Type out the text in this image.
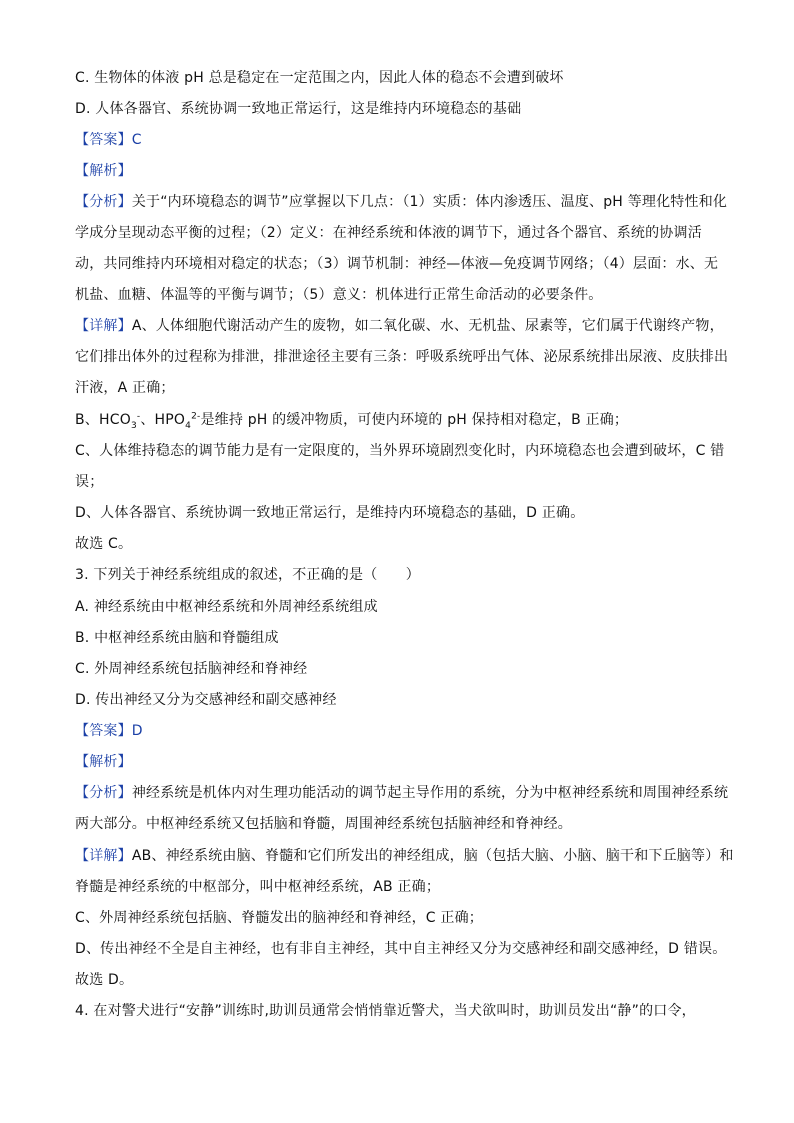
C. 生物体的体液 pH 总是稳定在一定范围之内，因此人体的稳态不会遭到破坏
D. 人体各器官、系统协调一致地正常运行，这是维持内环境稳态的基础
【答案】C
【解析】
【分析】关于“内环境稳态的调节”应掌握以下几点：（1）实质：体内渗透压、温度、pH 等理化特性和化
学成分呈现动态平衡的过程；（2）定义：在神经系统和体液的调节下，通过各个器官、系统的协调活
动，共同维持内环境相对稳定的状态；（3）调节机制：神经—体液—免疫调节网络；（4）层面：水、无
机盐、血糖、体温等的平衡与调节；（5）意义：机体进行正常生命活动的必要条件。
【详解】A、人体细胞代谢活动产生的废物，如二氧化碳、水、无机盐、尿素等，它们属于代谢终产物，
它们排出体外的过程称为排泄，排泄途径主要有三条：呼吸系统呼出气体、泌尿系统排出尿液、皮肤排出
汗液，A 正确；
B、$HCO_3^-$、$HPO_4^{2-}$是维持 pH 的缓冲物质，可使内环境的 pH 保持相对稳定，B 正确；
C、人体维持稳态的调节能力是有一定限度的，当外界环境剧烈变化时，内环境稳态也会遭到破坏，C 错
误；
D、人体各器官、系统协调一致地正常运行，是维持内环境稳态的基础，D 正确。
故选 C。
3. 下列关于神经系统组成的叙述，不正确的是（　　）
A. 神经系统由中枢神经系统和外周神经系统组成
B. 中枢神经系统由脑和脊髓组成
C. 外周神经系统包括脑神经和脊神经
D. 传出神经又分为交感神经和副交感神经
【答案】D
【解析】
【分析】神经系统是机体内对生理功能活动的调节起主导作用的系统，分为中枢神经系统和周围神经系统
两大部分。中枢神经系统又包括脑和脊髓，周围神经系统包括脑神经和脊神经。
【详解】AB、神经系统由脑、脊髓和它们所发出的神经组成，脑（包括大脑、小脑、脑干和下丘脑等）和
脊髓是神经系统的中枢部分，叫中枢神经系统，AB 正确；
C、外周神经系统包括脑、脊髓发出的脑神经和脊神经，C 正确；
D、传出神经不全是自主神经，也有非自主神经，其中自主神经又分为交感神经和副交感神经，D 错误。
故选 D。
4. 在对警犬进行“安静”训练时,助训员通常会悄悄靠近警犬，当犬欲叫时，助训员发出“静”的口令，
